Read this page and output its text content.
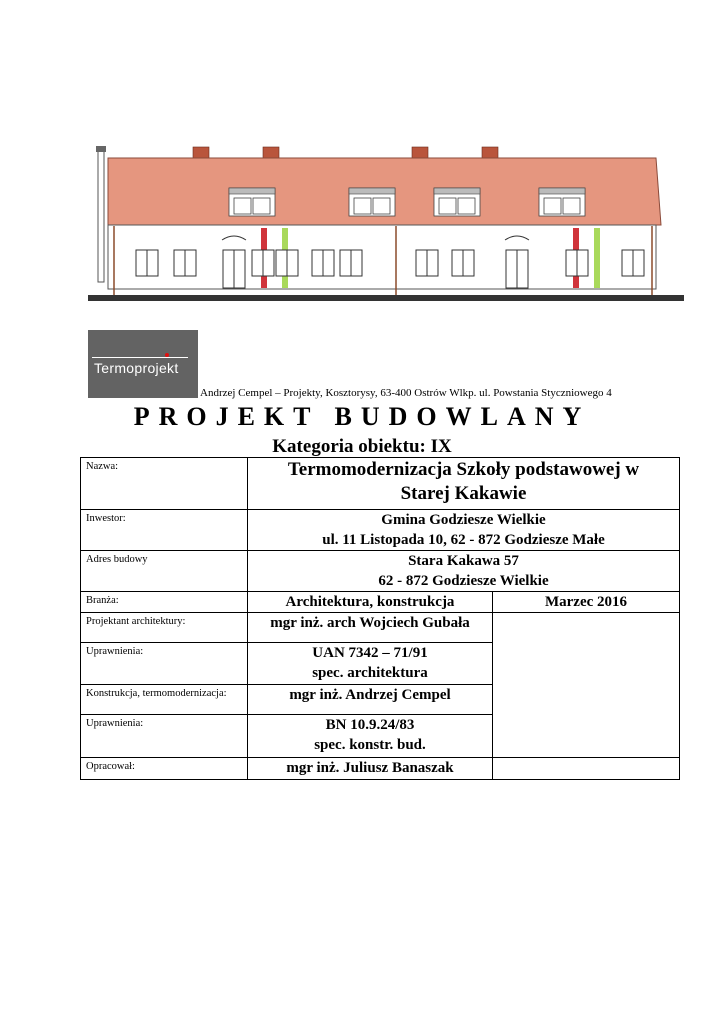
Termoprojekt
Andrzej Cempel – Projekty, Kosztorysy, 63-400 Ostrów Wlkp. ul. Powstania Styczniowego 4
PROJEKT BUDOWLANY
Kategoria obiektu: IX
Nazwa:	Termomodernizacja Szkoły podstawowej w
Starej Kakawie	

Inwestor:	Gmina Godziesze Wielkie
ul. 11 Listopada 10, 62 - 872 Godziesze Małe	

Adres budowy	Stara Kakawa 57
62 - 872 Godziesze Wielkie	

Branża:	Architektura, konstrukcja	Marzec 2016
Projektant architektury:	mgr inż. arch Wojciech Gubała	
Uprawnienia:	UAN 7342 – 71/91
spec. architektura	

Konstrukcja, termomodernizacja:	mgr inż. Andrzej Cempel	
Uprawnienia:	BN 10.9.24/83
spec. konstr. bud.	

Opracował:	mgr inż. Juliusz Banaszak	
